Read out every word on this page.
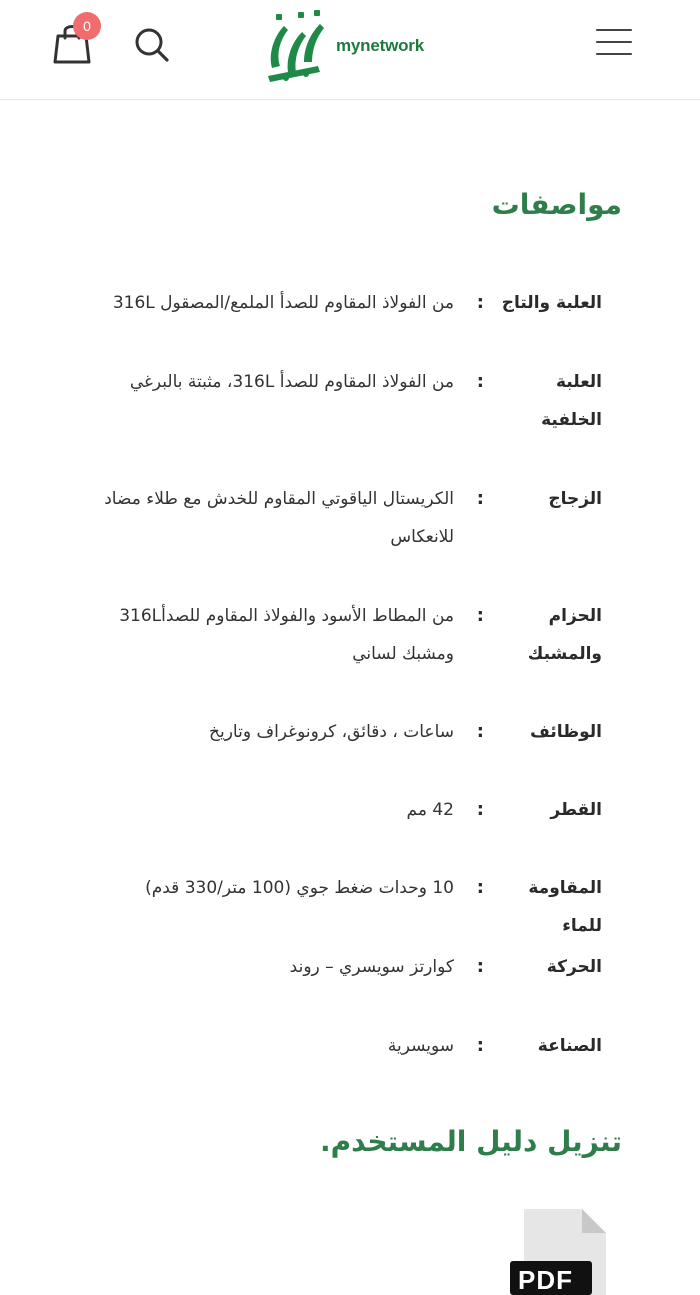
mynetwork
0
مواصفات
العلبة والتاج
:
من الفولاذ المقاوم للصدأ الملمع/المصقول 316L
العلبة الخلفية
:
من الفولاذ المقاوم للصدأ 316L، مثبتة بالبرغي
الزجاج
:
الكريستال الياقوتي المقاوم للخدش مع طلاء مضاد للانعكاس
الحزام والمشبك
:
من المطاط الأسود والفولاذ المقاوم للصدأ316L ومشبك لساني
الوظائف
:
ساعات ، دقائق، كرونوغراف وتاريخ
القطر
:
42 مم
المقاومة للماء
:
10 وحدات ضغط جوي (100 متر/330 قدم)
الحركة
:
كوارتز سويسري – روند
الصناعة
:
سويسرية
تنزيل دليل المستخدم.
PDF
